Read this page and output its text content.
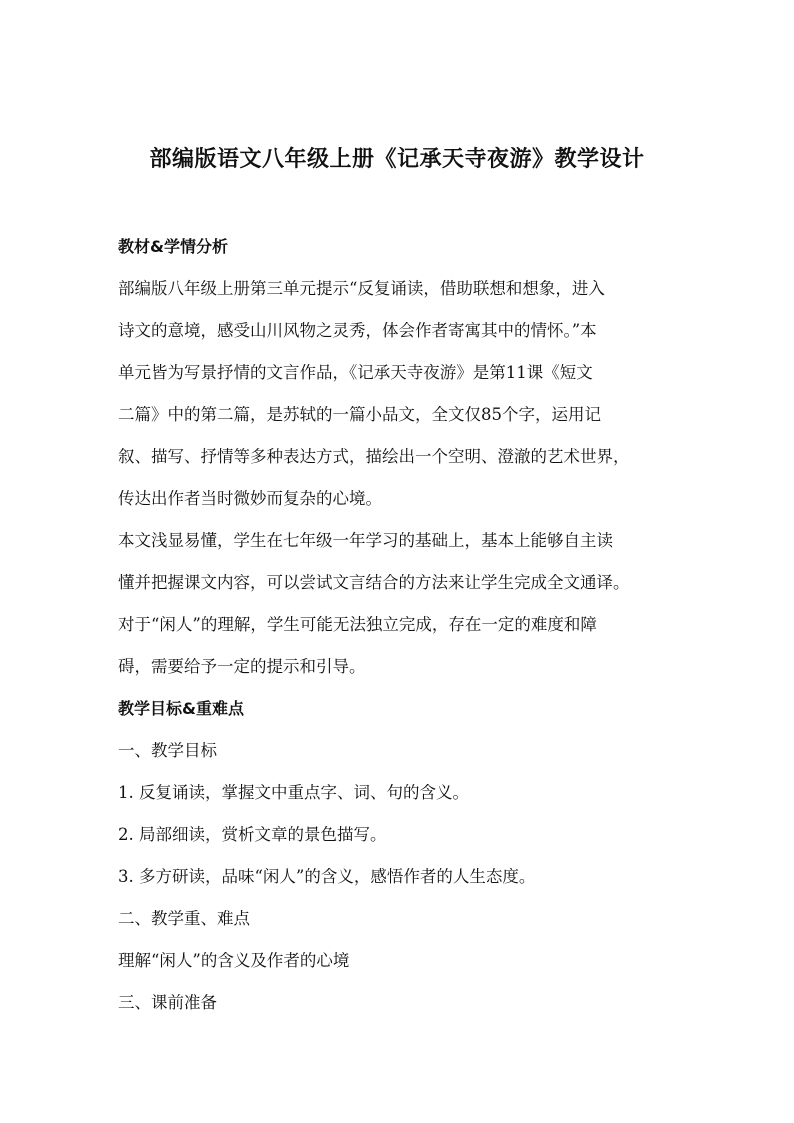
部编版语文八年级上册《记承天寺夜游》教学设计
教材&学情分析
部编版八年级上册第三单元提示“反复诵读，借助联想和想象，进入
诗文的意境，感受山川风物之灵秀，体会作者寄寓其中的情怀。”本
单元皆为写景抒情的文言作品，《记承天寺夜游》是第11课《短文
二篇》中的第二篇，是苏轼的一篇小品文，全文仅85个字，运用记
叙、描写、抒情等多种表达方式，描绘出一个空明、澄澈的艺术世界，
传达出作者当时微妙而复杂的心境。
本文浅显易懂，学生在七年级一年学习的基础上，基本上能够自主读
懂并把握课文内容，可以尝试文言结合的方法来让学生完成全文通译。
对于“闲人”的理解，学生可能无法独立完成，存在一定的难度和障
碍，需要给予一定的提示和引导。
教学目标&重难点
一、教学目标
1. 反复诵读，掌握文中重点字、词、句的含义。
2. 局部细读，赏析文章的景色描写。
3. 多方研读，品味“闲人”的含义，感悟作者的人生态度。
二、教学重、难点
理解“闲人”的含义及作者的心境
三、课前准备
